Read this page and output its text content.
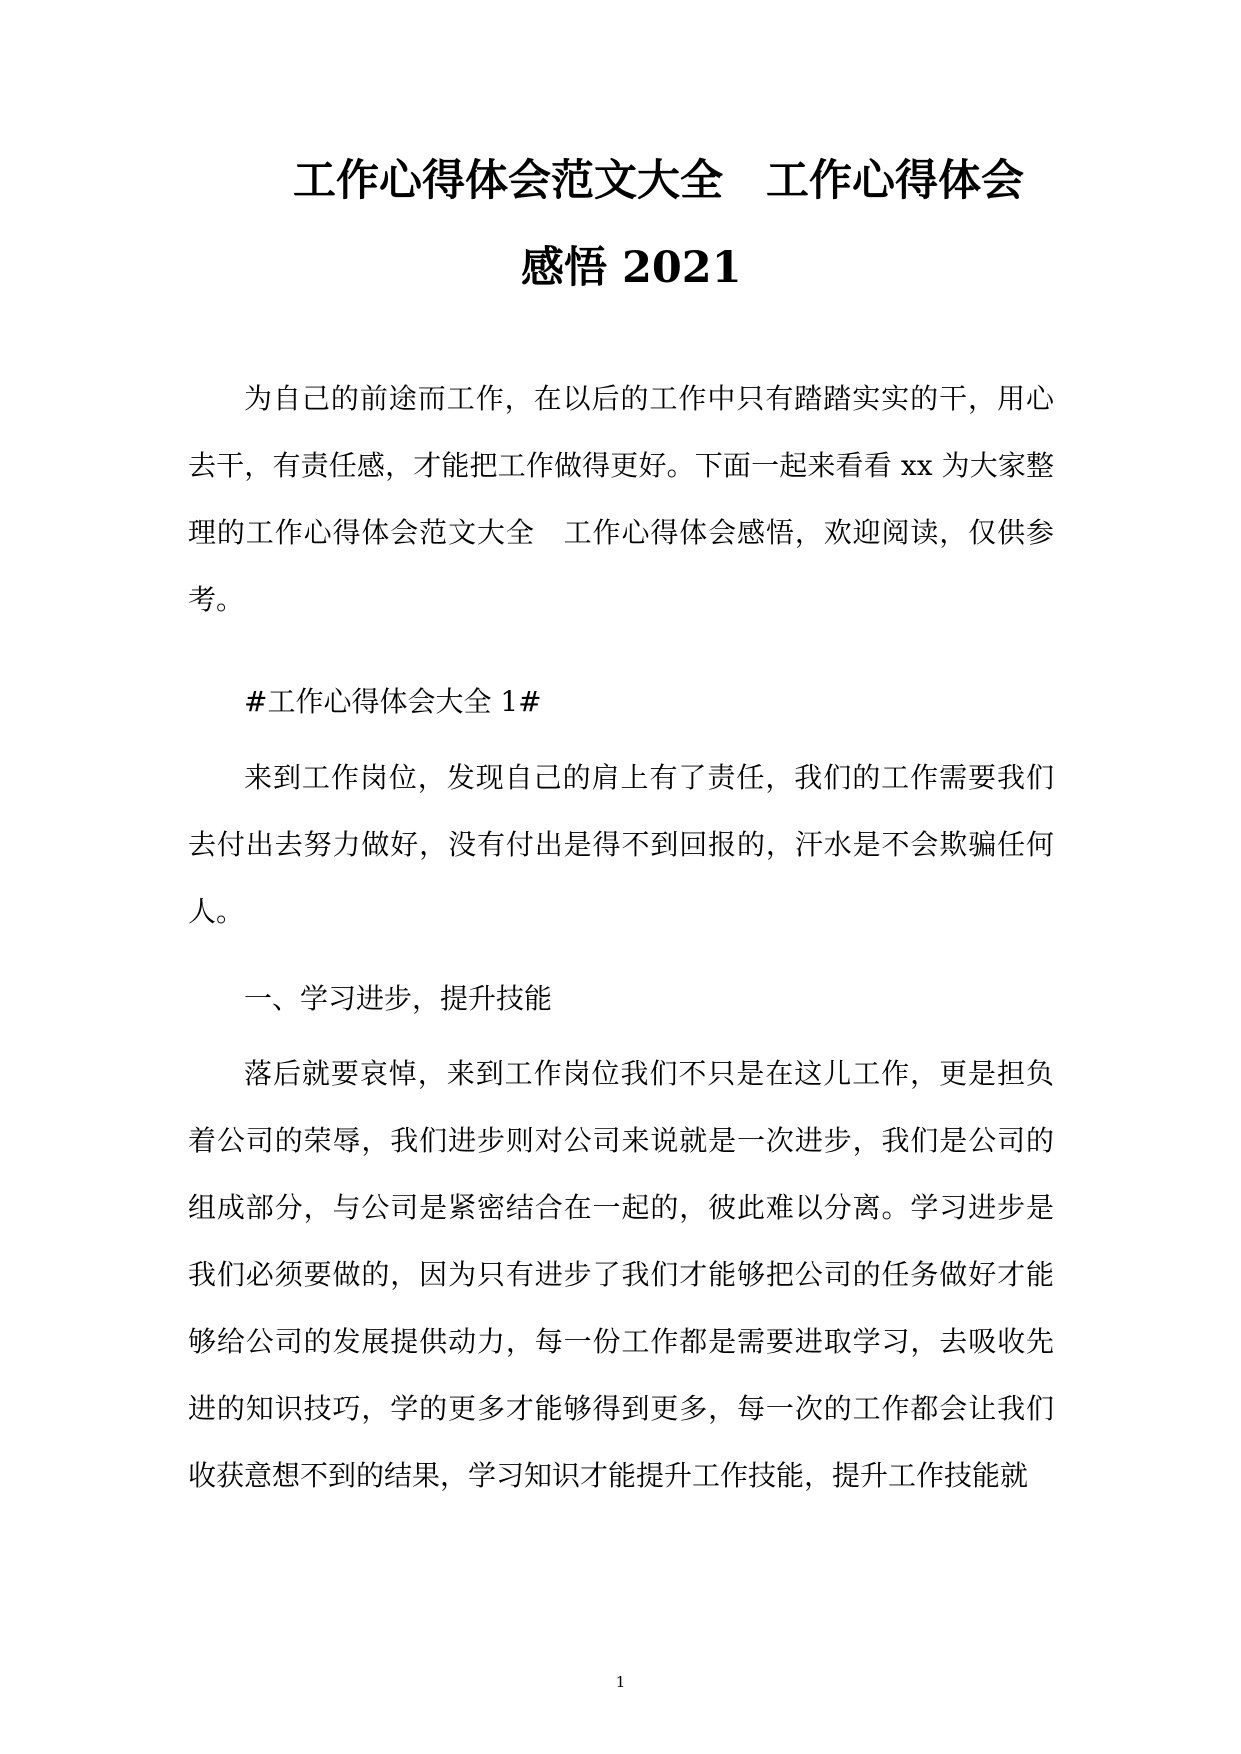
工作心得体会范文大全　工作心得体会
感悟 2021

为自己的前途而工作，在以后的工作中只有踏踏实实的干，用心去干，有责任感，才能把工作做得更好。下面一起来看看 xx 为大家整理的工作心得体会范文大全　工作心得体会感悟，欢迎阅读，仅供参考。

#工作心得体会大全 1#

来到工作岗位，发现自己的肩上有了责任，我们的工作需要我们去付出去努力做好，没有付出是得不到回报的，汗水是不会欺骗任何人。

一、学习进步，提升技能

落后就要哀悼，来到工作岗位我们不只是在这儿工作，更是担负着公司的荣辱，我们进步则对公司来说就是一次进步，我们是公司的组成部分，与公司是紧密结合在一起的，彼此难以分离。学习进步是我们必须要做的，因为只有进步了我们才能够把公司的任务做好才能够给公司的发展提供动力，每一份工作都是需要进取学习，去吸收先进的知识技巧，学的更多才能够得到更多，每一次的工作都会让我们收获意想不到的结果，学习知识才能提升工作技能，提升工作技能就

1
